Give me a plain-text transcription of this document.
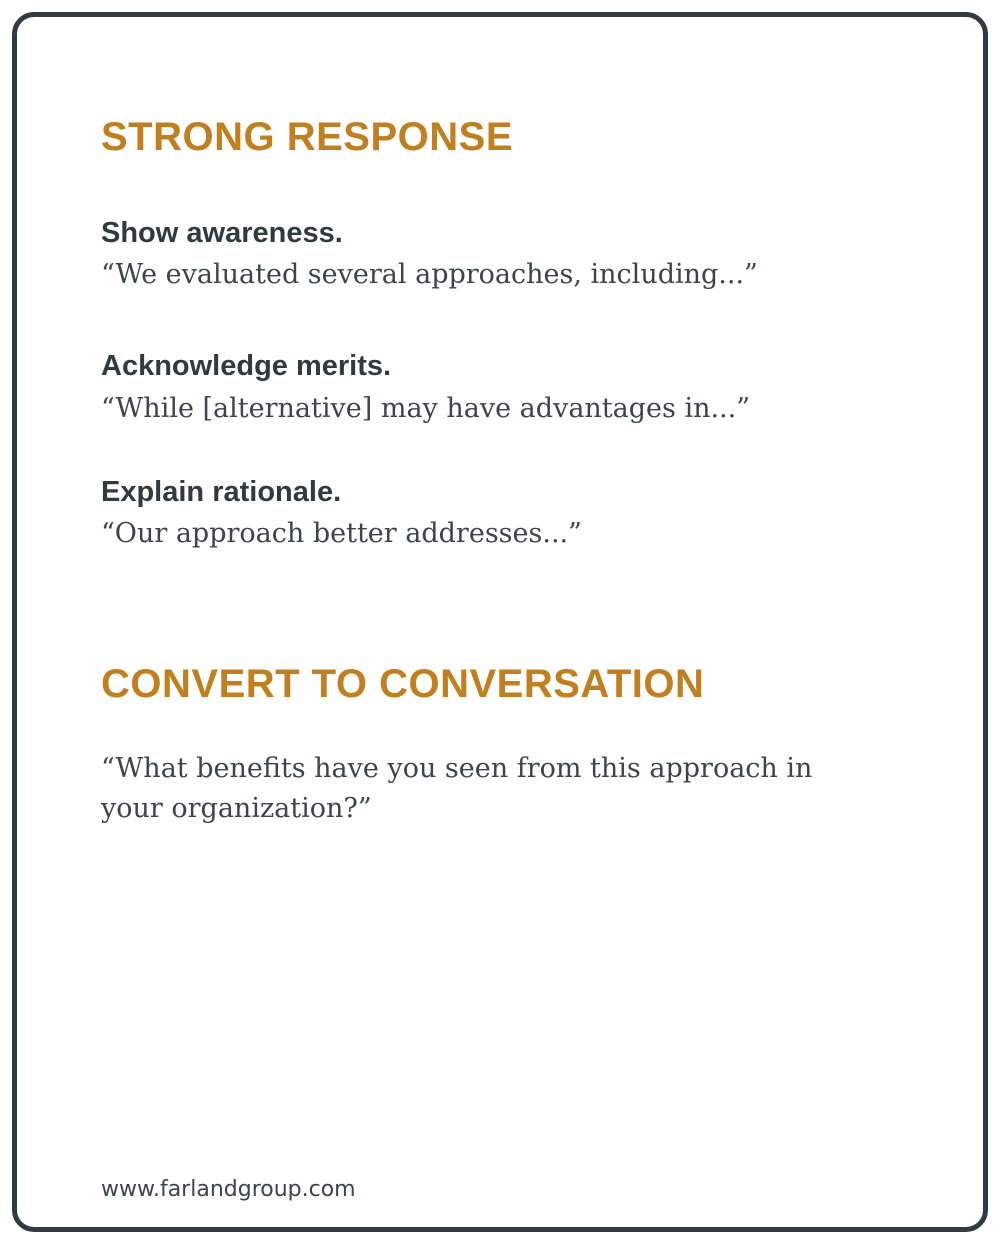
STRONG RESPONSE

Show awareness.

“We evaluated several approaches, including...”

Acknowledge merits.

“While [alternative] may have advantages in...”

Explain rationale.

“Our approach better addresses...”

CONVERT TO CONVERSATION

“What benefits have you seen from this approach in your organization?”

www.farlandgroup.com
